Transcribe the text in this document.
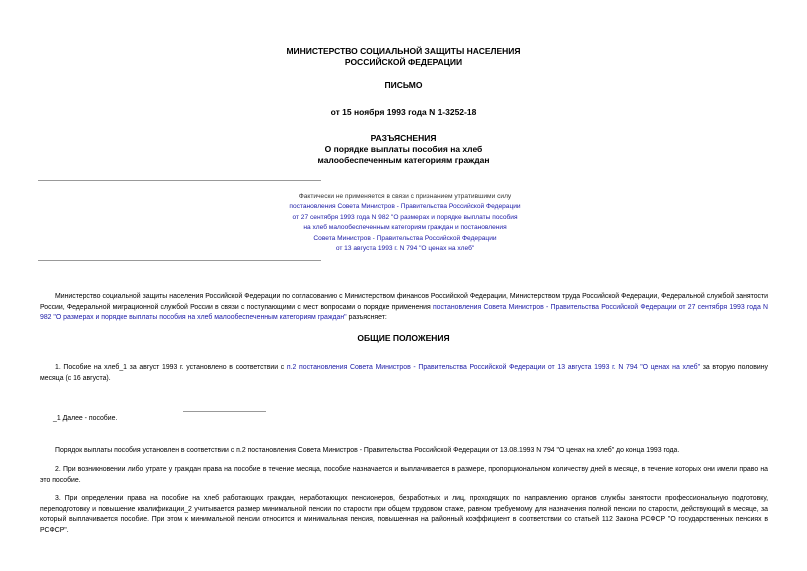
МИНИСТЕРСТВО СОЦИАЛЬНОЙ ЗАЩИТЫ НАСЕЛЕНИЯ
РОССИЙСКОЙ ФЕДЕРАЦИИ
ПИСЬМО
от 15 ноября 1993 года N 1-3252-18
РАЗЪЯСНЕНИЯ
О порядке выплаты пособия на хлеб
малообеспеченным категориям граждан
Фактически не применяется в связи с признанием утратившими силу
постановления Совета Министров - Правительства Российской Федерации
от 27 сентября 1993 года N 982 "О размерах и порядке выплаты пособия
на хлеб малообеспеченным категориям граждан и постановления
Совета Министров - Правительства Российской Федерации
от 13 августа 1993 г. N 794 "О ценах на хлеб"
Министерство социальной защиты населения Российской Федерации по согласованию с Министерством финансов Российской Федерации, Министерством труда Российской Федерации, Федеральной службой занятости России, Федеральной миграционной службой России в связи с поступающими с мест вопросами о порядке применения постановления Совета Министров - Правительства Российской Федерации от 27 сентября 1993 года N 982 "О размерах и порядке выплаты пособия на хлеб малообеспеченным категориям граждан" разъясняет:
ОБЩИЕ ПОЛОЖЕНИЯ
1. Пособие на хлеб_1 за август 1993 г. установлено в соответствии с п.2 постановления Совета Министров - Правительства Российской Федерации от 13 августа 1993 г. N 794 "О ценах на хлеб" за вторую половину месяца (с 16 августа).
_1 Далее - пособие.
Порядок выплаты пособия установлен в соответствии с п.2 постановления Совета Министров - Правительства Российской Федерации от 13.08.1993 N 794 "О ценах на хлеб" до конца 1993 года.
2. При возникновении либо утрате у граждан права на пособие в течение месяца, пособие назначается и выплачивается в размере, пропорциональном количеству дней в месяце, в течение которых они имели право на это пособие.
3. При определении права на пособие на хлеб работающих граждан, неработающих пенсионеров, безработных и лиц, проходящих по направлению органов службы занятости профессиональную подготовку, переподготовку и повышение квалификации_2 учитывается размер минимальной пенсии по старости при общем трудовом стаже, равном требуемому для назначения полной пенсии по старости, действующий в месяце, за который выплачивается пособие. При этом к минимальной пенсии относится и минимальная пенсия, повышенная на районный коэффициент в соответствии со статьей 112 Закона РСФСР "О государственных пенсиях в РСФСР".
